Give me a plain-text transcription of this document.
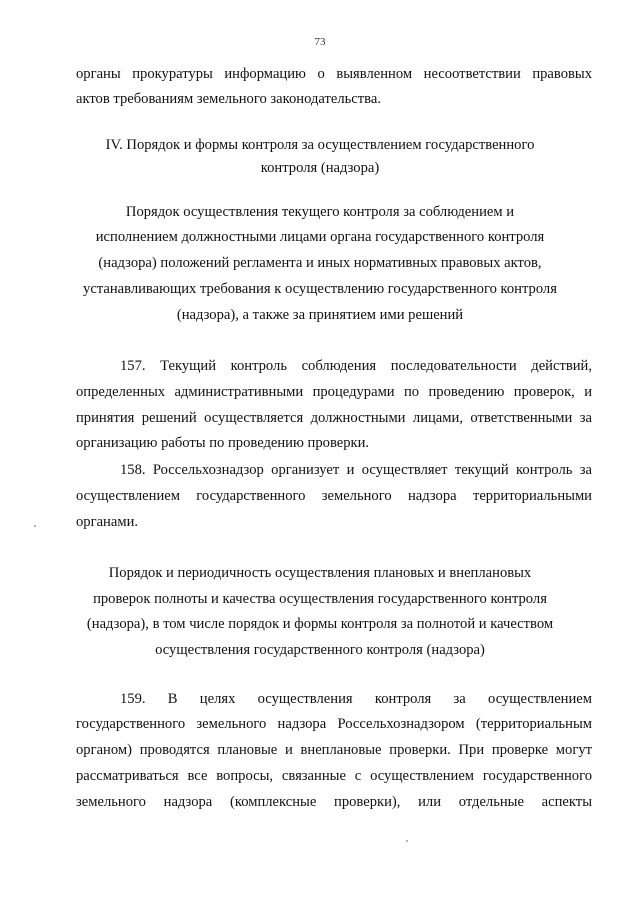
73
органы прокуратуры информацию о выявленном несоответствии правовых
актов требованиям земельного законодательства.
IV. Порядок и формы контроля за осуществлением государственного
контроля (надзора)
Порядок осуществления текущего контроля за соблюдением и
исполнением должностными лицами органа государственного контроля
(надзора) положений регламента и иных нормативных правовых актов,
устанавливающих требования к осуществлению государственного контроля
(надзора), а также за принятием ими решений
157. Текущий контроль соблюдения последовательности действий,
определенных административными процедурами по проведению проверок, и
принятия решений осуществляется должностными лицами, ответственными за
организацию работы по проведению проверки.
158. Россельхознадзор организует и осуществляет текущий контроль за
осуществлением государственного земельного надзора территориальными
органами.
Порядок и периодичность осуществления плановых и внеплановых
проверок полноты и качества осуществления государственного контроля
(надзора), в том числе порядок и формы контроля за полнотой и качеством
осуществления государственного контроля (надзора)
159. В целях осуществления контроля за осуществлением
государственного земельного надзора Россельхознадзором (территориальным
органом) проводятся плановые и внеплановые проверки. При проверке могут
рассматриваться все вопросы, связанные с осуществлением государственного
земельного надзора (комплексные проверки), или отдельные аспекты
